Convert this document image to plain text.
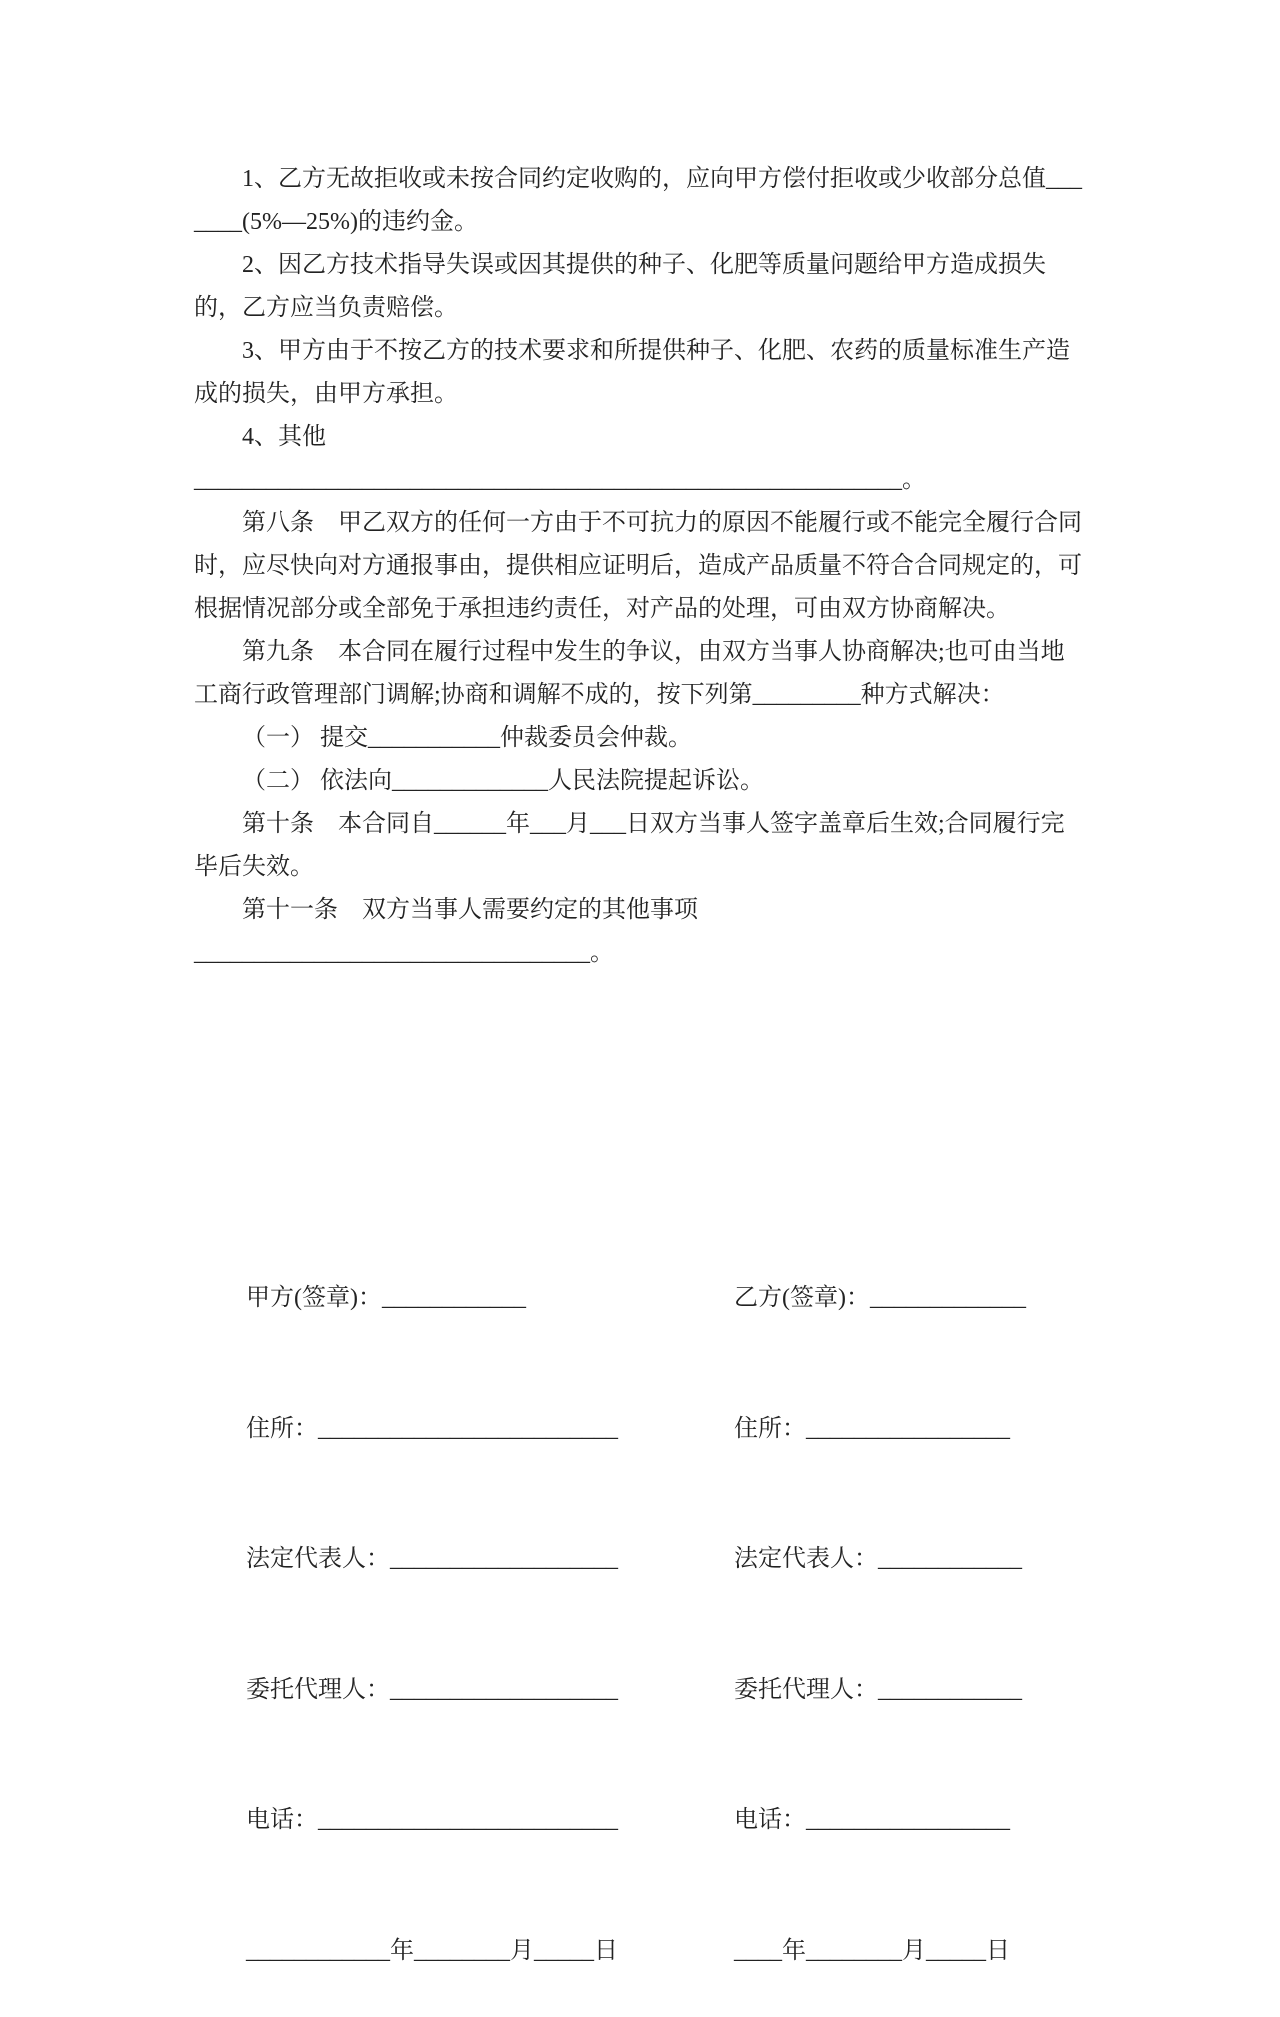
1、乙方无故拒收或未按合同约定收购的，应向甲方偿付拒收或少收部分总值_______(5%—25%)的违约金。

2、因乙方技术指导失误或因其提供的种子、化肥等质量问题给甲方造成损失的，乙方应当负责赔偿。

3、甲方由于不按乙方的技术要求和所提供种子、化肥、农药的质量标准生产造成的损失，由甲方承担。

4、其他

___________________________________________________________。

第八条　甲乙双方的任何一方由于不可抗力的原因不能履行或不能完全履行合同时，应尽快向对方通报事由，提供相应证明后，造成产品质量不符合合同规定的，可根据情况部分或全部免于承担违约责任，对产品的处理，可由双方协商解决。

第九条　本合同在履行过程中发生的争议，由双方当事人协商解决;也可由当地工商行政管理部门调解;协商和调解不成的，按下列第_________种方式解决：

（一） 提交___________仲裁委员会仲裁。

（二） 依法向_____________人民法院提起诉讼。

第十条　本合同自______年___月___日双方当事人签字盖章后生效;合同履行完毕后失效。

第十一条　双方当事人需要约定的其他事项

_________________________________。

甲方(签章)：____________

住所：_________________________

法定代表人：___________________

委托代理人：___________________

电话：_________________________

____________年________月_____日

乙方(签章)：_____________

住所：_________________

法定代表人：____________

委托代理人：____________

电话：_________________

____年________月_____日
